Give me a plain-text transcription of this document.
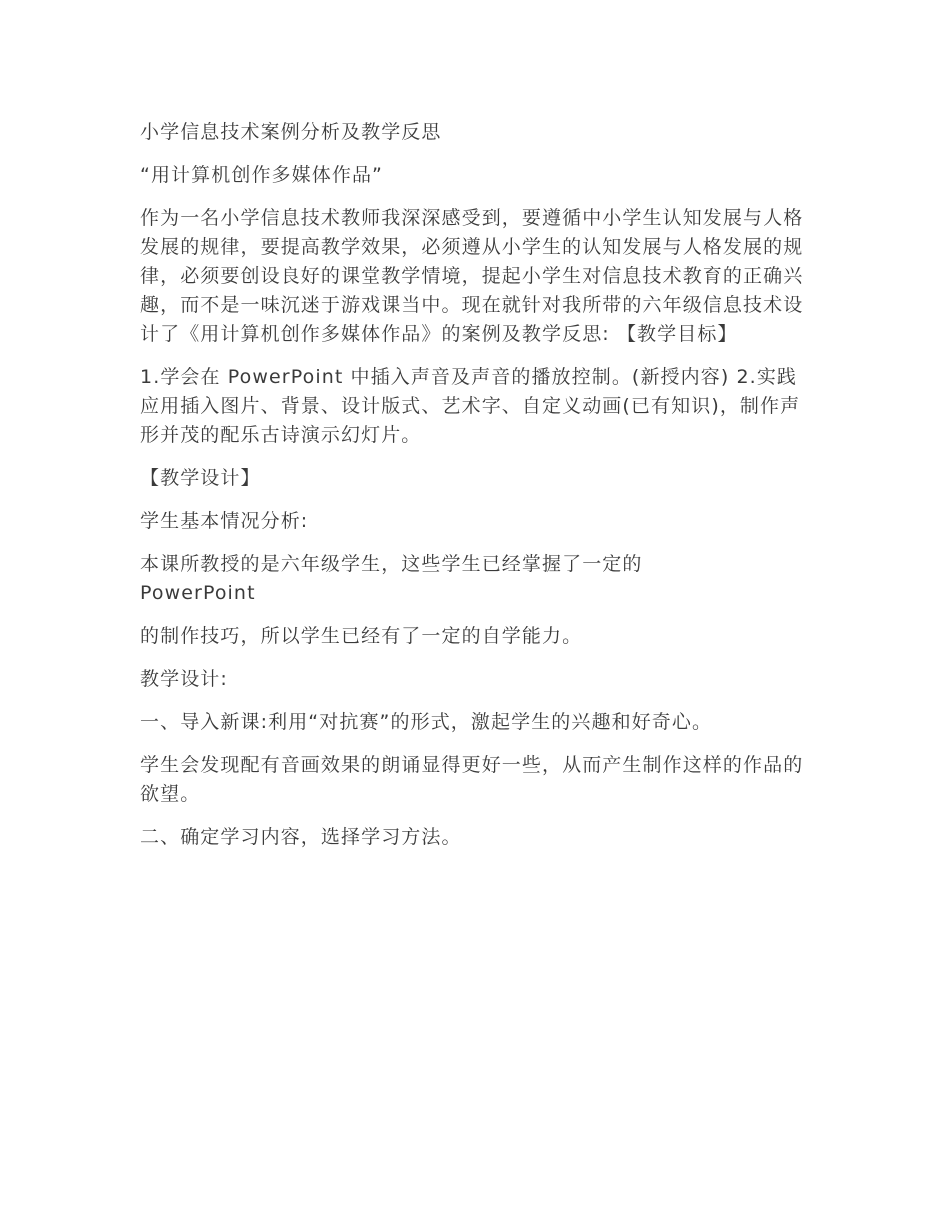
小学信息技术案例分析及教学反思

“用计算机创作多媒体作品”

作为一名小学信息技术教师我深深感受到，要遵循中小学生认知发展与人格发展的规律，要提高教学效果，必须遵从小学生的认知发展与人格发展的规律，必须要创设良好的课堂教学情境，提起小学生对信息技术教育的正确兴趣，而不是一味沉迷于游戏课当中。现在就针对我所带的六年级信息技术设计了《用计算机创作多媒体作品》的案例及教学反思: 【教学目标】

1.学会在 PowerPoint 中插入声音及声音的播放控制。(新授内容) 2.实践应用插入图片、背景、设计版式、艺术字、自定义动画(已有知识)，制作声形并茂的配乐古诗演示幻灯片。

【教学设计】

学生基本情况分析:

本课所教授的是六年级学生，这些学生已经掌握了一定的
PowerPoint

的制作技巧，所以学生已经有了一定的自学能力。

教学设计:

一、导入新课:利用“对抗赛”的形式，激起学生的兴趣和好奇心。

学生会发现配有音画效果的朗诵显得更好一些，从而产生制作这样的作品的欲望。

二、确定学习内容，选择学习方法。
